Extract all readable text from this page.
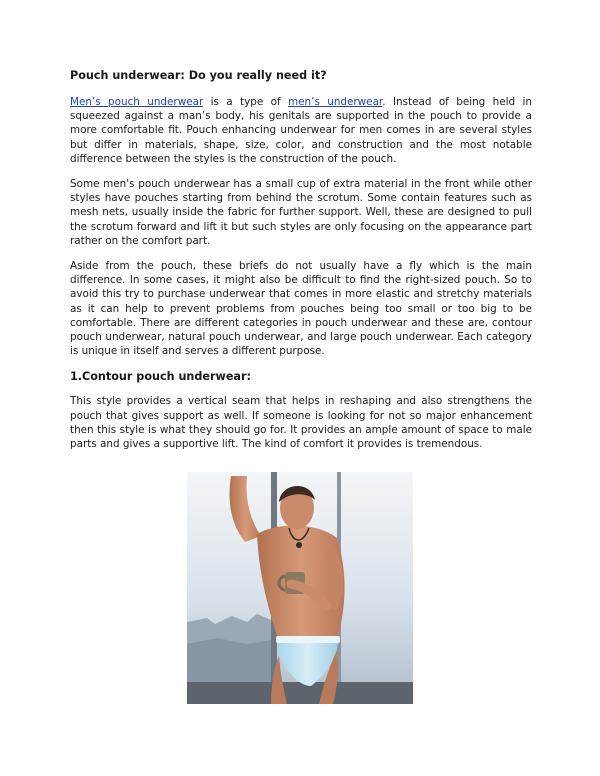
Pouch underwear: Do you really need it?

Men’s pouch underwear is a type of men’s underwear. Instead of being held in squeezed against a man’s body, his genitals are supported in the pouch to provide a more comfortable fit. Pouch enhancing underwear for men comes in are several styles but differ in materials, shape, size, color, and construction and the most notable difference between the styles is the construction of the pouch.

Some men's pouch underwear has a small cup of extra material in the front while other styles have pouches starting from behind the scrotum. Some contain features such as mesh nets, usually inside the fabric for further support. Well, these are designed to pull the scrotum forward and lift it but such styles are only focusing on the appearance part rather on the comfort part.

Aside from the pouch, these briefs do not usually have a fly which is the main difference. In some cases, it might also be difficult to find the right-sized pouch. So to avoid this try to purchase underwear that comes in more elastic and stretchy materials as it can help to prevent problems from pouches being too small or too big to be comfortable. There are different categories in pouch underwear and these are, contour pouch underwear, natural pouch underwear, and large pouch underwear. Each category is unique in itself and serves a different purpose.

1.Contour pouch underwear:

This style provides a vertical seam that helps in reshaping and also strengthens the pouch that gives support as well. If someone is looking for not so major enhancement then this style is what they should go for. It provides an ample amount of space to male parts and gives a supportive lift. The kind of comfort it provides is tremendous.
